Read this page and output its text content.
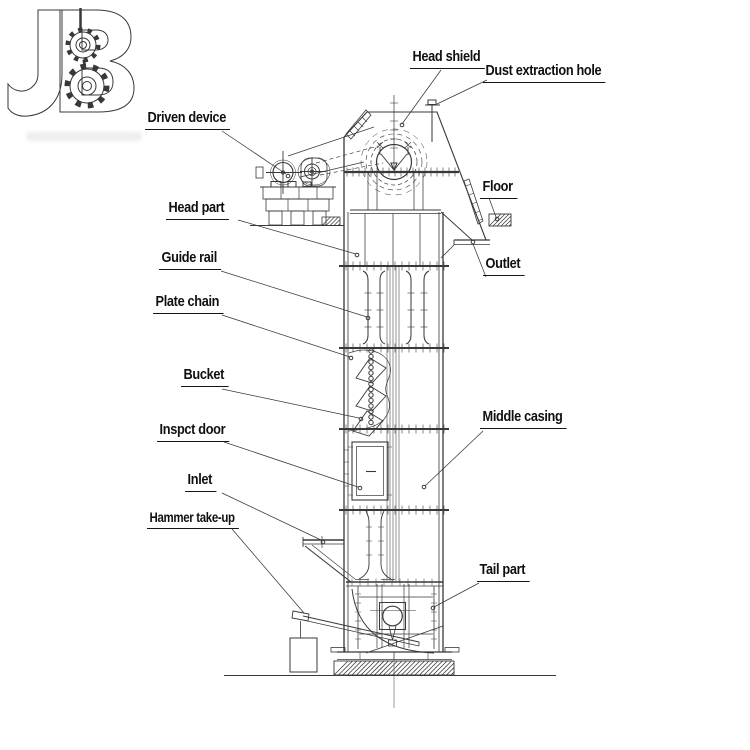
Head shield
Dust extraction hole
Driven device
Head part
Floor
Outlet
Guide rail
Plate chain
Bucket
Inspct door
Middle casing
Inlet
Hammer take-up
Tail part
